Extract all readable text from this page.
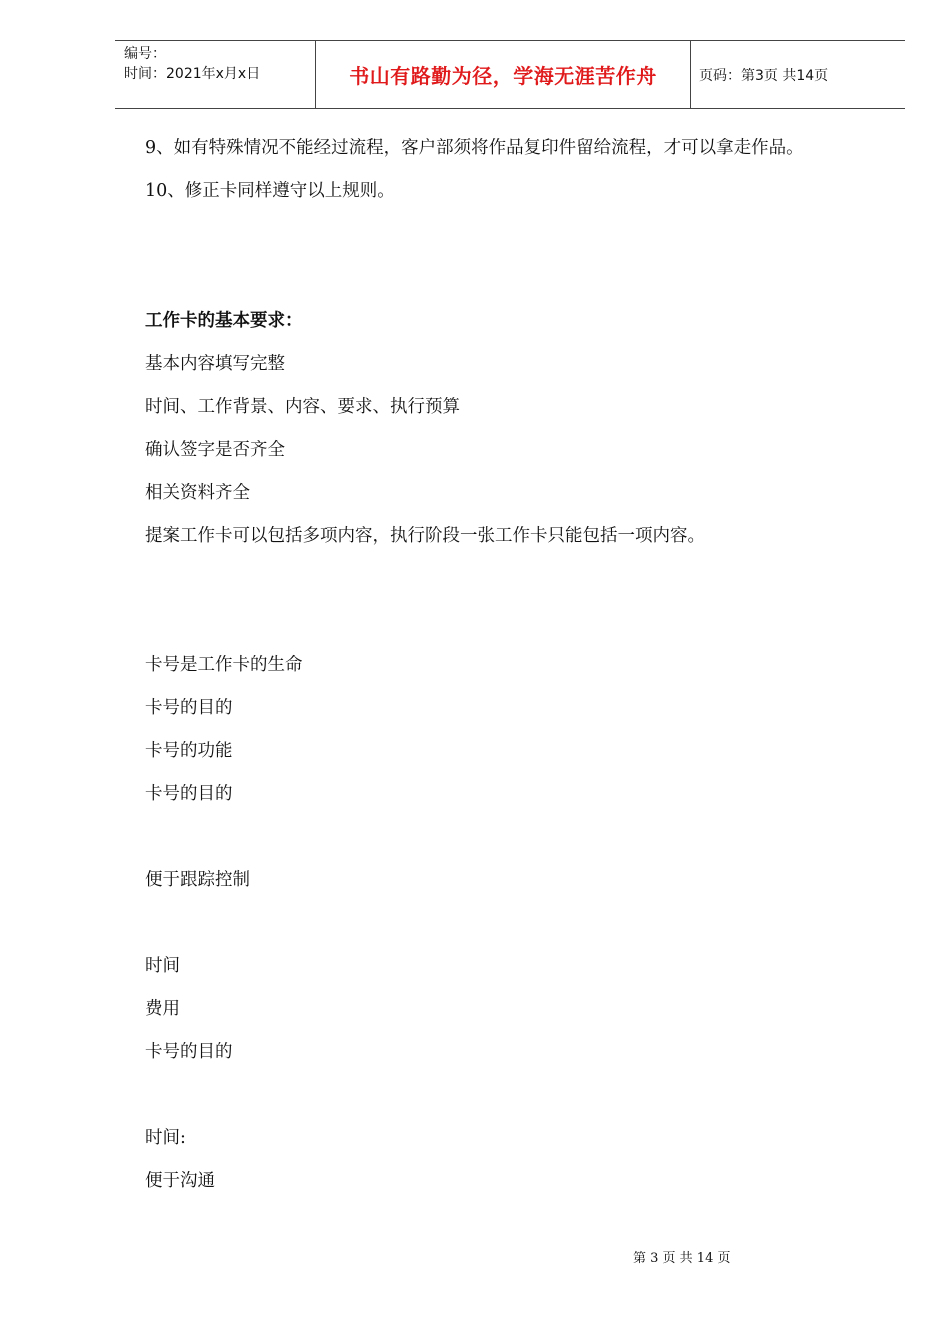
编号：
时间：2021年x月x日	书山有路勤为径，学海无涯苦作舟	页码：第3页 共14页
9、如有特殊情况不能经过流程，客户部须将作品复印件留给流程，才可以拿走作品。
10、修正卡同样遵守以上规则。
工作卡的基本要求：
基本内容填写完整
时间、工作背景、内容、要求、执行预算
确认签字是否齐全
相关资料齐全
提案工作卡可以包括多项内容，执行阶段一张工作卡只能包括一项内容。
卡号是工作卡的生命
卡号的目的
卡号的功能
卡号的目的
便于跟踪控制
时间
费用
卡号的目的
时间:
便于沟通
第 3 页 共 14 页
